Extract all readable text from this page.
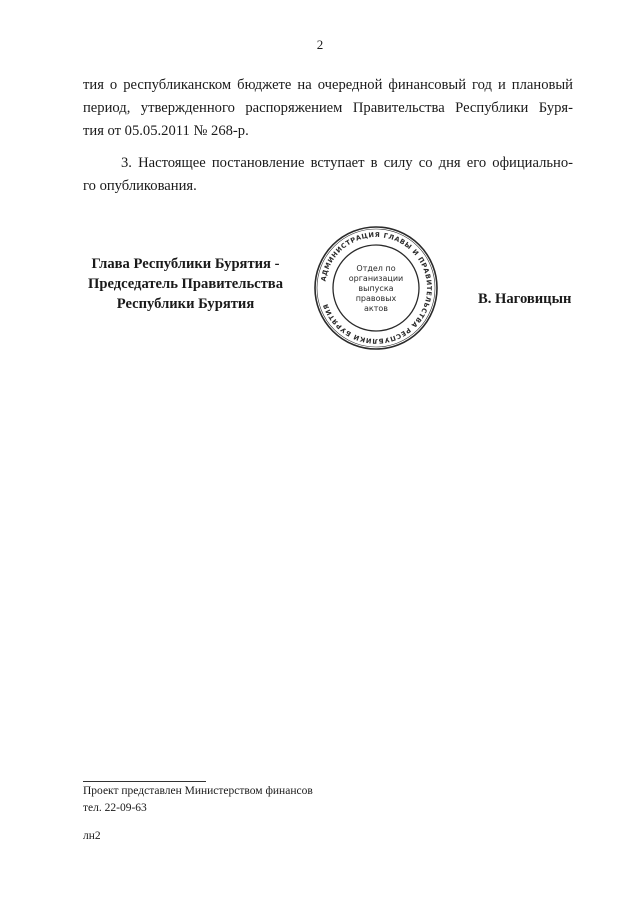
2
тия о республиканском бюджете на очередной финансовый год и плановый
период, утвержденного распоряжением Правительства Республики Буря-
тия от 05.05.2011 № 268-р.
3. Настоящее постановление вступает в силу со дня его официально-
го опубликования.
Глава Республики Бурятия -
Председатель Правительства
Республики Бурятия
АДМИНИСТРАЦИЯ ГЛАВЫ И ПРАВИТЕЛЬСТВА РЕСПУБЛИКИ БУРЯТИЯ
Отдел по
организации
выпуска
правовых
актов
В. Наговицын
Проект представлен Министерством финансов
тел. 22-09-63
лн2
